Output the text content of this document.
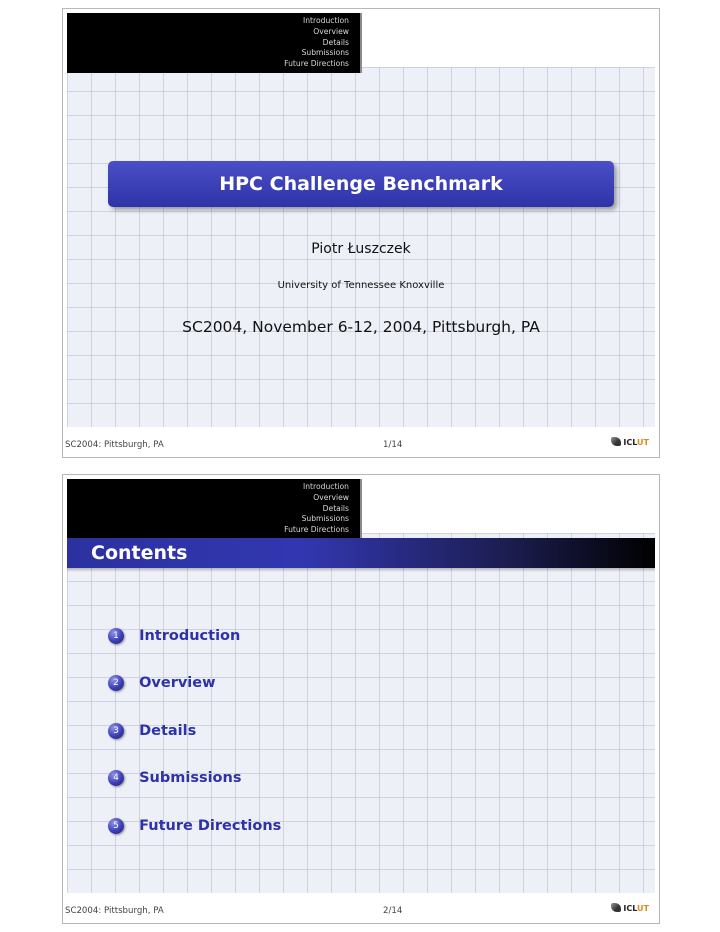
Introduction
Overview
Details
Submissions
Future Directions
HPC Challenge Benchmark
Piotr Łuszczek
University of Tennessee Knoxville
SC2004, November 6-12, 2004, Pittsburgh, PA
SC2004: Pittsburgh, PA	1/14	ICLUT
Introduction
Overview
Details
Submissions
Future Directions
Contents
1 Introduction
2 Overview
3 Details
4 Submissions
5 Future Directions
SC2004: Pittsburgh, PA	2/14	ICLUT
